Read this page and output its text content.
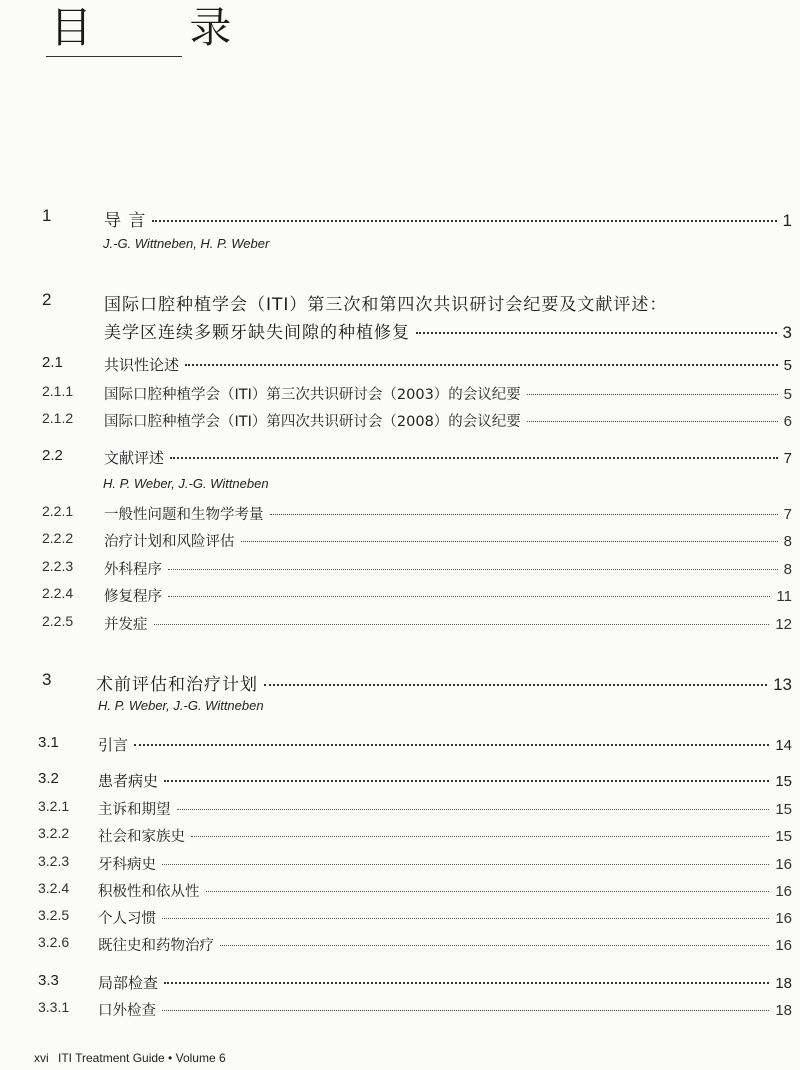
目 录
1	导 言	1
J.-G. Wittneben, H. P. Weber
2	国际口腔种植学会（ITI）第三次和第四次共识研讨会纪要及文献评述：
美学区连续多颗牙缺失间隙的种植修复	3
2.1	共识性论述	5
2.1.1 国际口腔种植学会（ITI）第三次共识研讨会（2003）的会议纪要	5
2.1.2 国际口腔种植学会（ITI）第四次共识研讨会（2008）的会议纪要	6
2.2	文献评述	7
H. P. Weber, J.-G. Wittneben
2.2.1 一般性问题和生物学考量	7
2.2.2 治疗计划和风险评估	8
2.2.3 外科程序	8
2.2.4 修复程序	11
2.2.5 并发症	12
3	术前评估和治疗计划	13
H. P. Weber, J.-G. Wittneben
3.1	引言	14
3.2	患者病史	15
3.2.1 主诉和期望	15
3.2.2 社会和家族史	15
3.2.3 牙科病史	16
3.2.4 积极性和依从性	16
3.2.5 个人习惯	16
3.2.6 既往史和药物治疗	16
3.3	局部检查	18
3.3.1 口外检查	18
xvi ITI Treatment Guide • Volume 6
